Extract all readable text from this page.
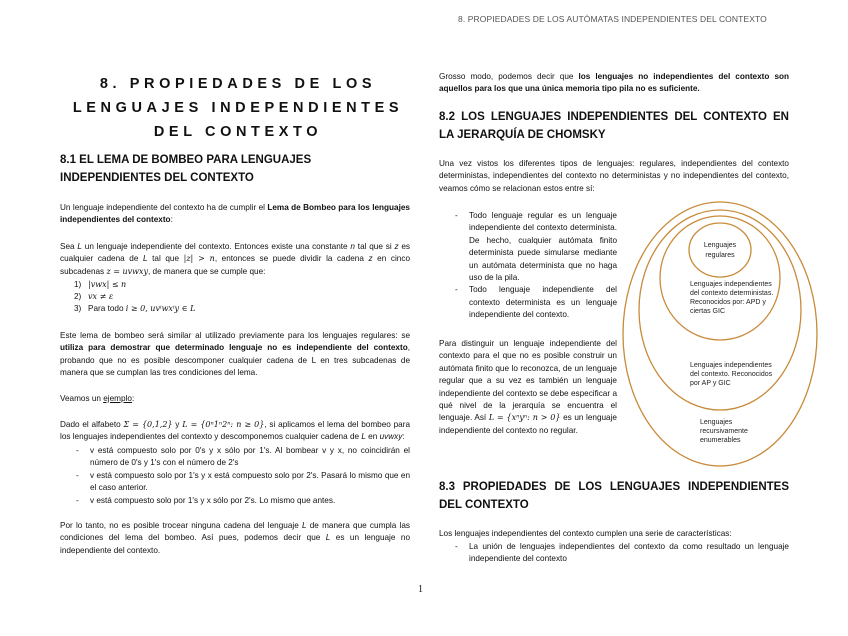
8. PROPIEDADES DE LOS AUTÓMATAS INDEPENDIENTES DEL CONTEXTO
8. PROPIEDADES DE LOS
LENGUAJES INDEPENDIENTES
DEL CONTEXTO
8.1 EL LEMA DE BOMBEO PARA LENGUAJES INDEPENDIENTES DEL CONTEXTO
Un lenguaje independiente del contexto ha de cumplir el Lema de Bombeo para los lenguajes independientes del contexto:
Sea L un lenguaje independiente del contexto. Entonces existe una constante n tal que si z es cualquier cadena de L tal que |z| > n, entonces se puede dividir la cadena z en cinco subcadenas z = uvwxy, de manera que se cumple que:
1) |vwx| ≤ n
2) vx ≠ ε
3) Para todo i ≥ 0, uvⁱwxⁱy ∈ L
Este lema de bombeo será similar al utilizado previamente para los lenguajes regulares: se utiliza para demostrar que determinado lenguaje no es independiente del contexto, probando que no es posible descomponer cualquier cadena de L en tres subcadenas de manera que se cumplan las tres condiciones del lema.
Veamos un ejemplo:
Dado el alfabeto Σ = {0,1,2} y L = {0ⁿ1ⁿ2ⁿ: n ≥ 0}, si aplicamos el lema del bombeo para los lenguajes independientes del contexto y descomponemos cualquier cadena de L en uvwxy:
- v está compuesto solo por 0's y x sólo por 1's. Al bombear v y x, no coincidirán el número de 0's y 1's con el número de 2's
- v está compuesto solo por 1's y x está compuesto solo por 2's. Pasará lo mismo que en el caso anterior.
- v está compuesto solo por 1's y x sólo por 2's. Lo mismo que antes.
Por lo tanto, no es posible trocear ninguna cadena del lenguaje L de manera que cumpla las condiciones del lema del bombeo. Así pues, podemos decir que L es un lenguaje no independiente del contexto.
Grosso modo, podemos decir que los lenguajes no independientes del contexto son aquellos para los que una única memoria tipo pila no es suficiente.
8.2 LOS LENGUAJES INDEPENDIENTES DEL CONTEXTO EN LA JERARQUÍA DE CHOMSKY
Una vez vistos los diferentes tipos de lenguajes: regulares, independientes del contexto deterministas, independientes del contexto no deterministas y no independientes del contexto, veamos cómo se relacionan estos entre sí:
- Todo lenguaje regular es un lenguaje independiente del contexto determinista. De hecho, cualquier autómata finito determinista puede simularse mediante un autómata determinista que no haga uso de la pila.
- Todo lenguaje independiente del contexto determinista es un lenguaje independiente del contexto.
Para distinguir un lenguaje independiente del contexto para el que no es posible construir un autómata finito que lo reconozca, de un lenguaje regular que a su vez es también un lenguaje independiente del contexto se debe especificar a qué nivel de la jerarquía se encuentra el lenguaje. Así L = {xⁿyⁿ: n > 0} es un lenguaje independiente del contexto no regular.
Lenguajes
regulares
Lenguajes independientes
del contexto deterministas.
Reconocidos por: APD y
ciertas GIC
Lenguajes independientes
del contexto. Reconocidos
por AP y GIC
Lenguajes
recursivamente
enumerables
8.3 PROPIEDADES DE LOS LENGUAJES INDEPENDIENTES DEL CONTEXTO
Los lenguajes independientes del contexto cumplen una serie de características:
- La unión de lenguajes independientes del contexto da como resultado un lenguaje independiente del contexto
1
